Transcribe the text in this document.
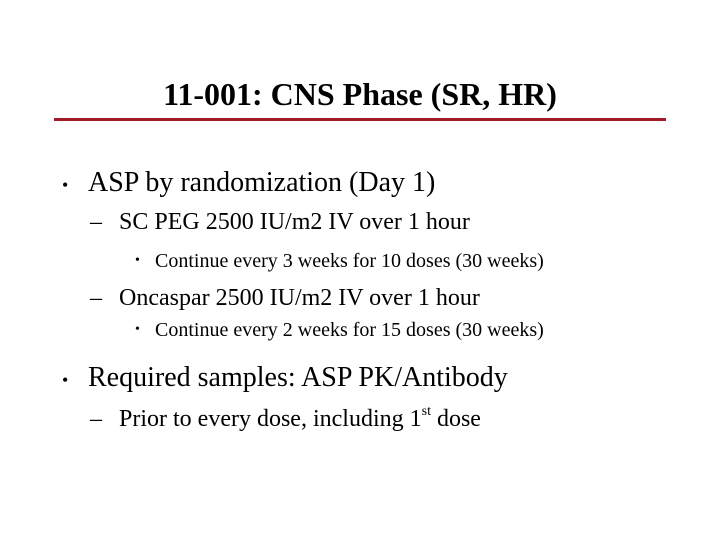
11-001: CNS Phase (SR, HR)
• ASP by randomization (Day 1)
– SC PEG 2500 IU/m2 IV over 1 hour
• Continue every 3 weeks for 10 doses (30 weeks)
– Oncaspar 2500 IU/m2 IV over 1 hour
• Continue every 2 weeks for 15 doses (30 weeks)
• Required samples: ASP PK/Antibody
– Prior to every dose, including 1st dose
